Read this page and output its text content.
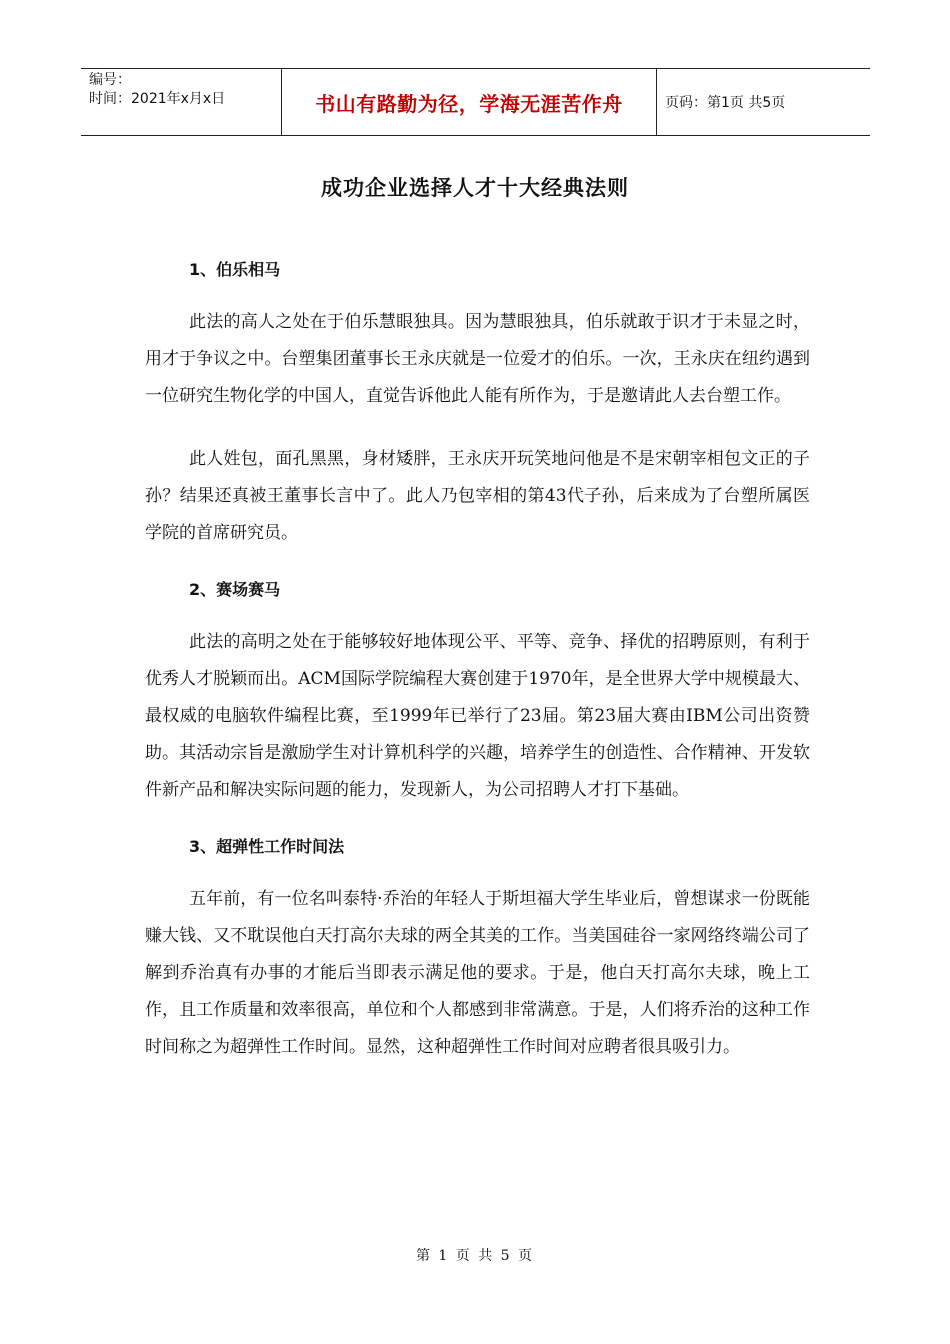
编号：
时间：2021年x月x日	书山有路勤为径，学海无涯苦作舟	页码：第1页 共5页
成功企业选择人才十大经典法则
1、伯乐相马

此法的高人之处在于伯乐慧眼独具。因为慧眼独具，伯乐就敢于识才于未显之时，用才于争议之中。台塑集团董事长王永庆就是一位爱才的伯乐。一次，王永庆在纽约遇到一位研究生物化学的中国人，直觉告诉他此人能有所作为，于是邀请此人去台塑工作。

此人姓包，面孔黑黑，身材矮胖，王永庆开玩笑地问他是不是宋朝宰相包文正的子孙？结果还真被王董事长言中了。此人乃包宰相的第43代子孙，后来成为了台塑所属医学院的首席研究员。

2、赛场赛马

此法的高明之处在于能够较好地体现公平、平等、竞争、择优的招聘原则，有利于优秀人才脱颖而出。ACM国际学院编程大赛创建于1970年，是全世界大学中规模最大、最权威的电脑软件编程比赛，至1999年已举行了23届。第23届大赛由IBM公司出资赞助。其活动宗旨是激励学生对计算机科学的兴趣，培养学生的创造性、合作精神、开发软件新产品和解决实际问题的能力，发现新人，为公司招聘人才打下基础。

3、超弹性工作时间法

五年前，有一位名叫泰特·乔治的年轻人于斯坦福大学生毕业后，曾想谋求一份既能赚大钱、又不耽误他白天打高尔夫球的两全其美的工作。当美国硅谷一家网络终端公司了解到乔治真有办事的才能后当即表示满足他的要求。于是，他白天打高尔夫球，晚上工作，且工作质量和效率很高，单位和个人都感到非常满意。于是，人们将乔治的这种工作时间称之为超弹性工作时间。显然，这种超弹性工作时间对应聘者很具吸引力。

第 1 页 共 5 页
